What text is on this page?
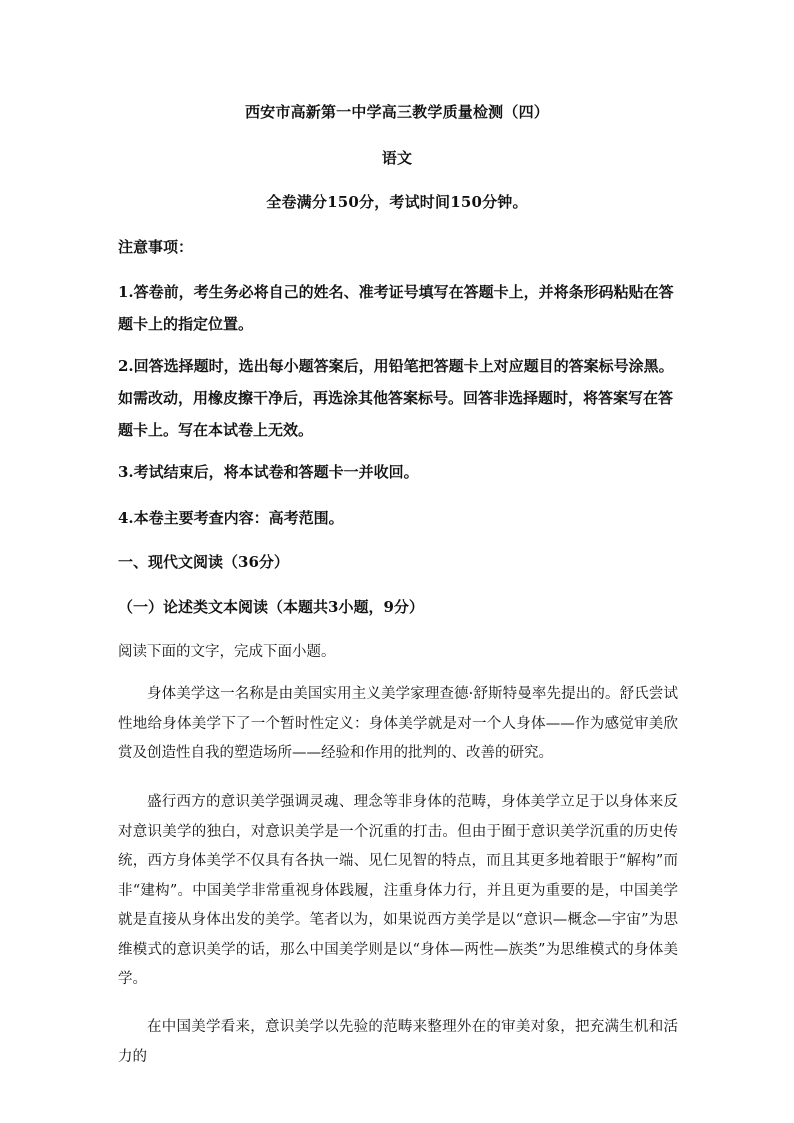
西安市高新第一中学高三教学质量检测（四）
语文
全卷满分150分，考试时间150分钟。
注意事项：
1.答卷前，考生务必将自己的姓名、准考证号填写在答题卡上，并将条形码粘贴在答题卡上的指定位置。
2.回答选择题时，选出每小题答案后，用铅笔把答题卡上对应题目的答案标号涂黑。如需改动，用橡皮擦干净后，再选涂其他答案标号。回答非选择题时，将答案写在答题卡上。写在本试卷上无效。
3.考试结束后，将本试卷和答题卡一并收回。
4.本卷主要考查内容：高考范围。
一、现代文阅读（36分）
（一）论述类文本阅读（本题共3小题，9分）
阅读下面的文字，完成下面小题。
身体美学这一名称是由美国实用主义美学家理查德·舒斯特曼率先提出的。舒氏尝试性地给身体美学下了一个暂时性定义：身体美学就是对一个人身体——作为感觉审美欣赏及创造性自我的塑造场所——经验和作用的批判的、改善的研究。
盛行西方的意识美学强调灵魂、理念等非身体的范畴，身体美学立足于以身体来反对意识美学的独白，对意识美学是一个沉重的打击。但由于囿于意识美学沉重的历史传统，西方身体美学不仅具有各执一端、见仁见智的特点，而且其更多地着眼于“解构”而非“建构”。中国美学非常重视身体践履，注重身体力行，并且更为重要的是，中国美学就是直接从身体出发的美学。笔者以为，如果说西方美学是以“意识—概念—宇宙”为思维模式的意识美学的话，那么中国美学则是以“身体—两性—族类”为思维模式的身体美学。
在中国美学看来，意识美学以先验的范畴来整理外在的审美对象，把充满生机和活力的
